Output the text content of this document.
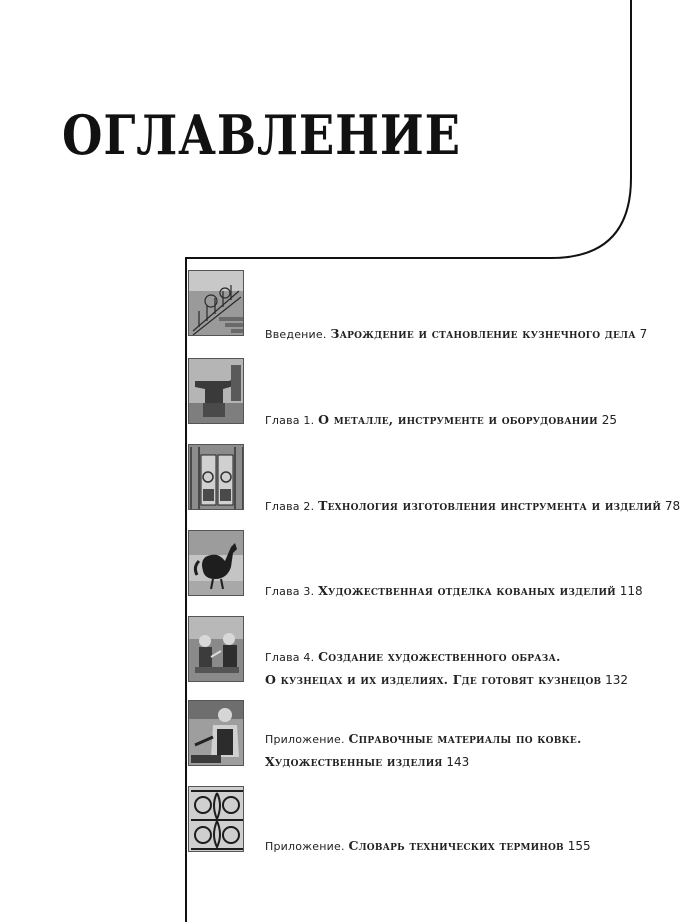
ОГЛАВЛЕНИЕ
Введение. Зарождение и становление кузнечного дела 7
Глава 1. О металле, инструменте и оборудовании 25
Глава 2. Технология изготовления инструмента и изделий 78
Глава 3. Художественная отделка кованых изделий 118
Глава 4. Создание художественного образа.
О кузнецах и их изделиях. Где готовят кузнецов 132
Приложение. Справочные материалы по ковке.
Художественные изделия 143
Приложение. Словарь технических терминов 155
